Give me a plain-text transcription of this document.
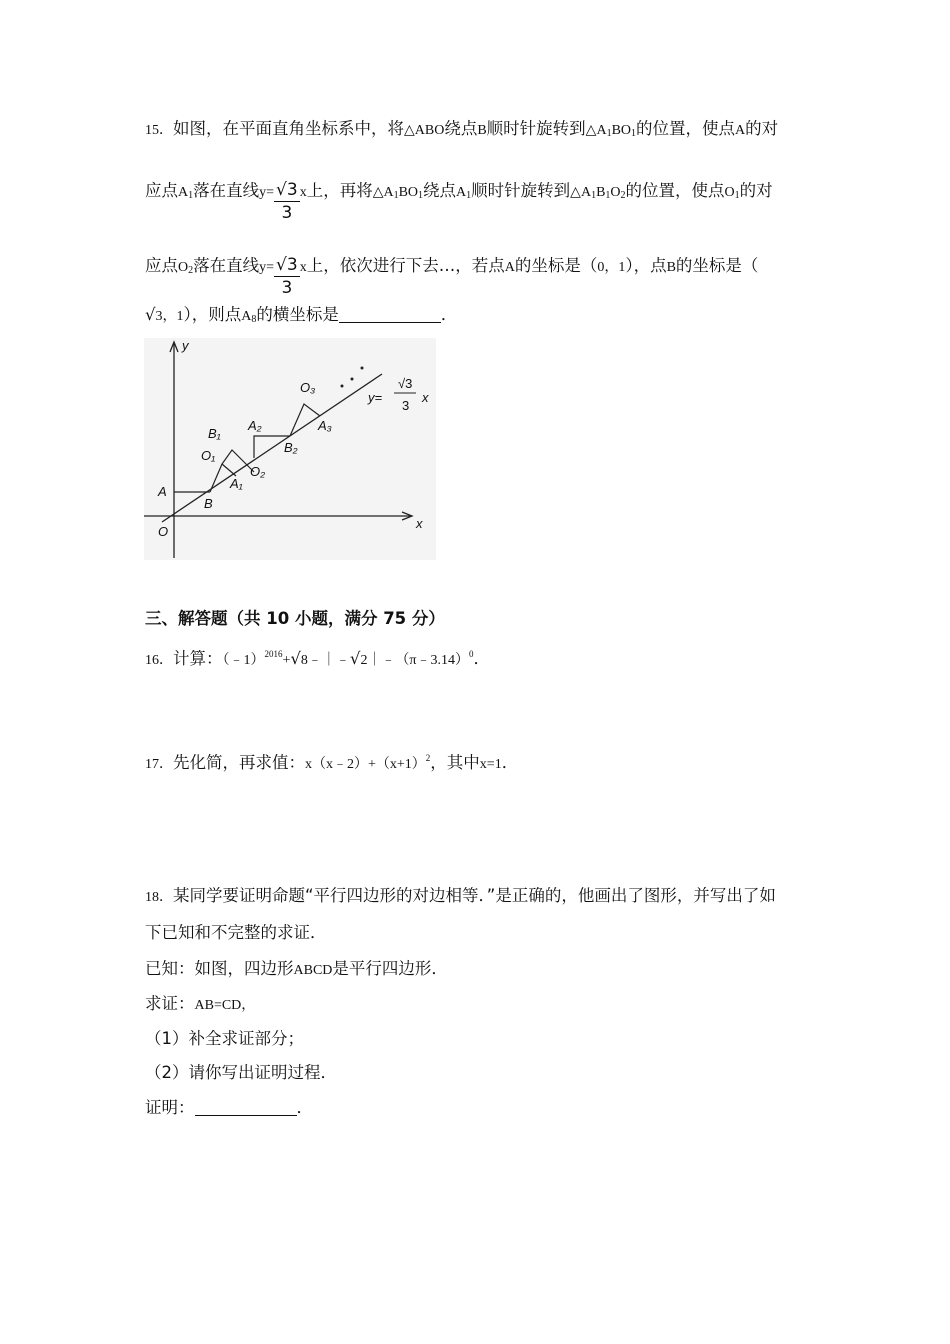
15．如图，在平面直角坐标系中，将△ABO绕点B顺时针旋转到△A1BO1的位置，使点A的对
应点A1落在直线$y= \frac{√3}{3}$ x上，再将△A1BO1绕点A1顺时针旋转到△A1B1O2的位置，使点O1的对
应点O2落在直线$y= \frac{√3}{3}$ x上，依次进行下去…，若点A的坐标是（0，1），点B的坐标是（
√3，1），则点A8的横坐标是	．
y
x
O
A
B
O₁
B₁
A₁
A₂
O₂
B₂
O₃
A₃
y=
√3
3
x
三、解答题（共 10 小题，满分 75 分）
16．计算：（﹣1）$^{2016}$+√8﹣｜﹣√2｜﹣（π﹣3.14）$^0$．
17．先化简，再求值：$x(x﹣2)+(x+1)^2$，其中x=1．
18．某同学要证明命题“平行四边形的对边相等．”是正确的，他画出了图形，并写出了如
下已知和不完整的求证．
已知：如图，四边形ABCD是平行四边形．
求证：AB=CD，
（1）补全求证部分；
（2）请你写出证明过程．
证明：	．
